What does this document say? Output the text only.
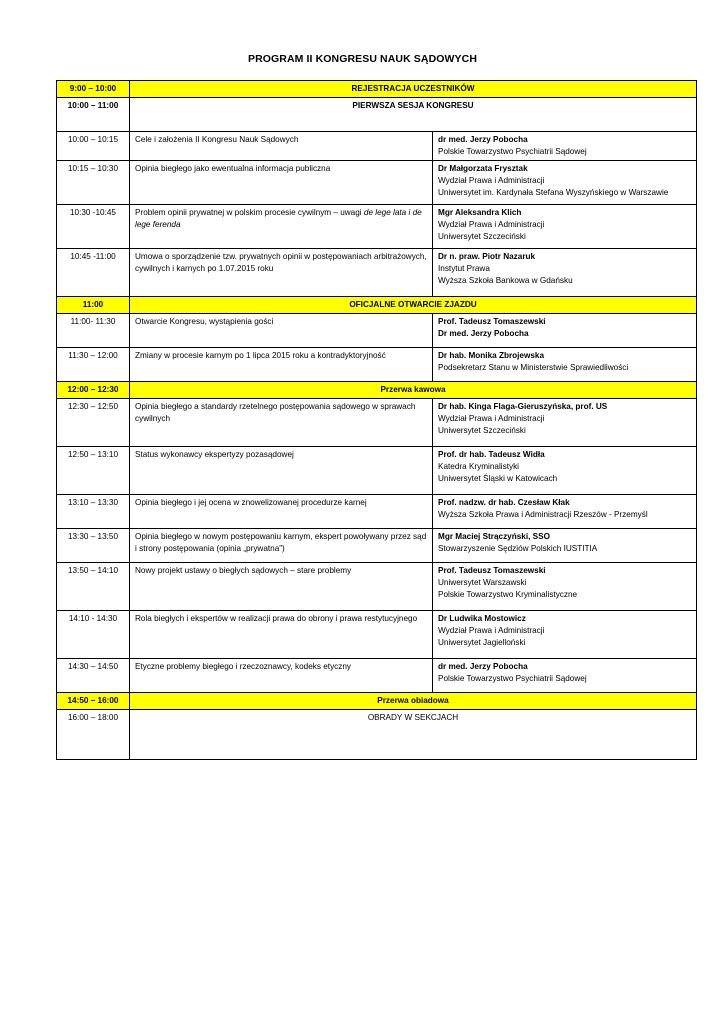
PROGRAM II KONGRESU NAUK SĄDOWYCH
9:00 – 10:00	REJESTRACJA UCZESTNIKÓW	
10:00 – 11:00	PIERWSZA SESJA KONGRESU	
10:00 – 10:15	Cele i założenia II Kongresu Nauk Sądowych	dr med. Jerzy Pobocha
Polskie Towarzystwo Psychiatrii Sądowej

10:15 – 10:30	Opinia biegłego jako ewentualna informacja publiczna	Dr Małgorzata Frysztak
Wydział Prawa i Administracji
Uniwersytet im. Kardynała Stefana Wyszyńskiego w Warszawie

10:30 -10:45	Problem opinii prywatnej w polskim procesie cywilnym – uwagi de lege lata i de lege ferenda	Mgr Aleksandra Klich
Wydział Prawa i Administracji
Uniwersytet Szczeciński

10:45 -11:00	Umowa o sporządzenie tzw. prywatnych opinii w postępowaniach arbitrażowych, cywilnych i karnych po 1.07.2015 roku	Dr n. praw. Piotr Nazaruk
Instytut Prawa
Wyższa Szkoła Bankowa w Gdańsku

11:00	OFICJALNE OTWARCIE ZJAZDU	
11:00- 11:30	Otwarcie Kongresu, wystąpienia gości	Prof. Tadeusz Tomaszewski
Dr med. Jerzy Pobocha

11:30 – 12:00	Zmiany w procesie karnym po 1 lipca 2015 roku a kontradyktoryjność	Dr hab. Monika Zbrojewska
Podsekretarz Stanu w Ministerstwie Sprawiedliwości

12:00 – 12:30	Przerwa kawowa	
12:30 – 12:50	Opinia biegłego a standardy rzetelnego postępowania sądowego w sprawach cywilnych	Dr hab. Kinga Flaga-Gieruszyńska, prof. US
Wydział Prawa i Administracji
Uniwersytet Szczeciński

12:50 – 13:10	Status wykonawcy ekspertyzy pozasądowej	Prof. dr hab. Tadeusz Widła
Katedra Kryminalistyki
Uniwersytet Śląski w Katowicach

13:10 – 13:30	Opinia biegłego i jej ocena w znowelizowanej procedurze karnej	Prof. nadzw. dr hab. Czesław Kłak
Wyższa Szkoła Prawa i Administracji Rzeszów - Przemyśl

13:30 – 13:50	Opinia biegłego w nowym postępowaniu karnym, ekspert powoływany przez sąd i strony postępowania (opinia „prywatna”)	Mgr Maciej Strączyński, SSO
Stowarzyszenie Sędziów Polskich IUSTITIA

13:50 – 14:10	Nowy projekt ustawy o biegłych sądowych – stare problemy	Prof. Tadeusz Tomaszewski
Uniwersytet Warszawski
Polskie Towarzystwo Kryminalistyczne

14:10 - 14:30	Rola biegłych i ekspertów w realizacji prawa do obrony i prawa restytucyjnego	Dr Ludwika Mostowicz
Wydział Prawa i Administracji
Uniwersytet Jagielloński

14:30 – 14:50	Etyczne problemy biegłego i rzeczoznawcy, kodeks etyczny	dr med. Jerzy Pobocha
Polskie Towarzystwo Psychiatrii Sądowej

14:50 – 16:00	Przerwa obiadowa	
16:00 – 18:00	OBRADY W SEKCJACH	
